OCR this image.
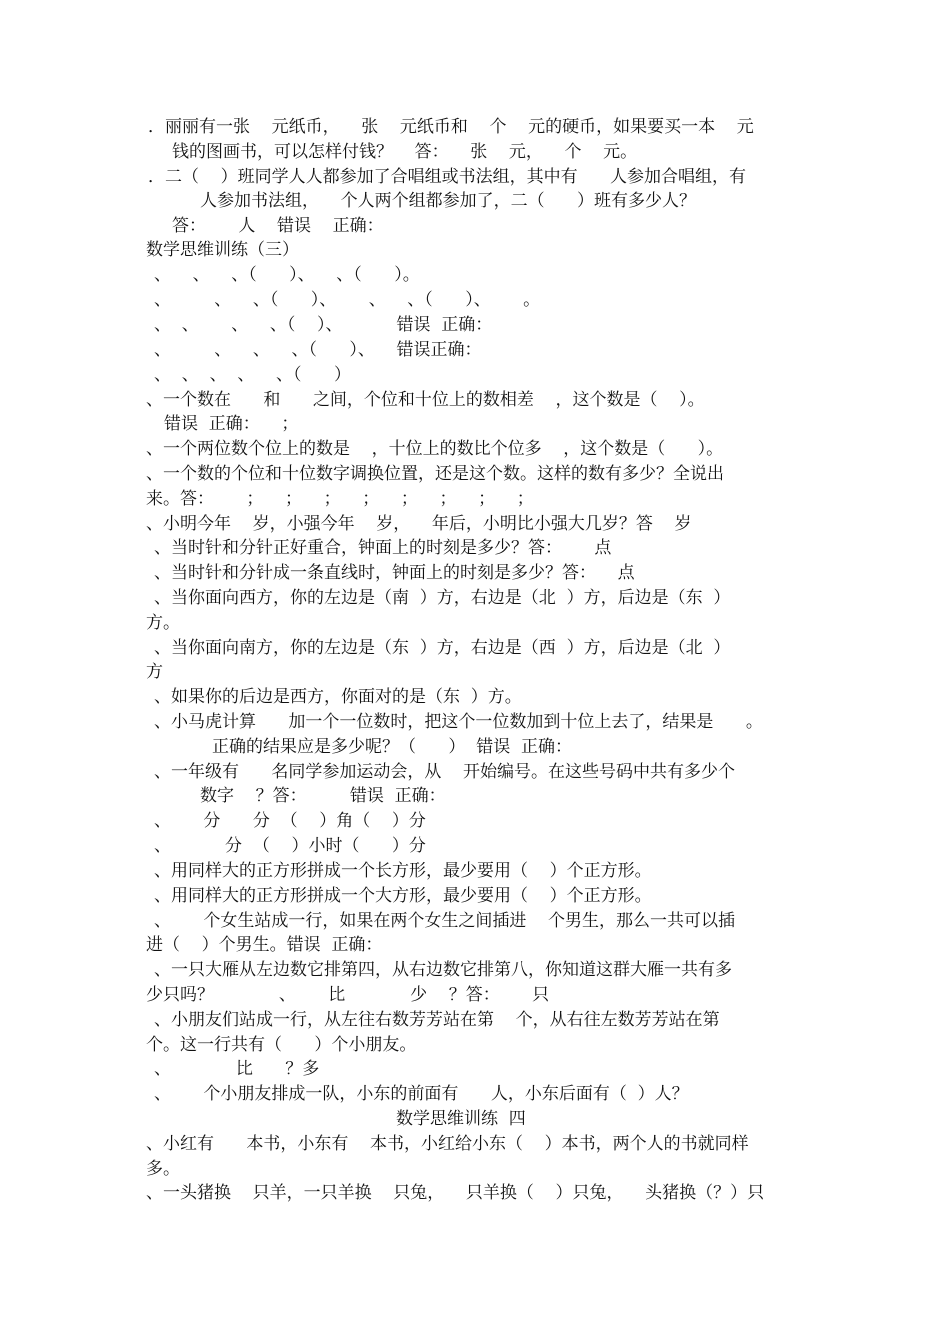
．丽丽有一张    元纸币，    张    元纸币和    个    元的硬币，如果要买一本    元
钱的图画书，可以怎样付钱？    答：    张    元，    个    元。
．二（    ）班同学人人都参加了合唱组或书法组，其中有      人参加合唱组，有
人参加书法组，    个人两个组都参加了，二（      ）班有多少人？
答：      人    错误    正确：
数学思维训练（三）
、    、    、（      ）、    、（      ）。
、        、    、（      ）、      、    、（      ）、      。
、  、      、    、（    ）、          错误  正确：
、        、    、    、（      ）、    错误正确：
、  、  、  、    、（      ）
、一个数在      和      之间，个位和十位上的数相差    ，这个数是（    ）。
错误  正确：    ；
、一个两位数个位上的数是    ，十位上的数比个位多    ，这个数是（      ）。
、一个数的个位和十位数字调换位置，还是这个数。这样的数有多少？全说出
来。答：      ；    ；    ；    ；    ；    ；    ；    ；
、小明今年    岁，小强今年    岁，    年后，小明比小强大几岁？答    岁
、当时针和分针正好重合，钟面上的时刻是多少？答：      点
、当时针和分针成一条直线时，钟面上的时刻是多少？答：    点
、当你面向西方，你的左边是（南  ）方，右边是（北  ）方，后边是（东  ）
方。
、当你面向南方，你的左边是（东  ）方，右边是（西  ）方，后边是（北  ）
方
、如果你的后边是西方，你面对的是（东  ）方。
、小马虎计算      加一个一位数时，把这个一位数加到十位上去了，结果是      。
正确的结果应是多少呢？（      ）  错误  正确：
、一年级有      名同学参加运动会，从    开始编号。在这些号码中共有多少个
数字    ？答：        错误  正确：
、      分      分  （    ）角（    ）分
、          分  （    ）小时（      ）分
、用同样大的正方形拼成一个长方形，最少要用（    ）个正方形。
、用同样大的正方形拼成一个大方形，最少要用（    ）个正方形。
、      个女生站成一行，如果在两个女生之间插进    个男生，那么一共可以插
进（    ）个男生。错误  正确：
、一只大雁从左边数它排第四，从右边数它排第八，你知道这群大雁一共有多
少只吗？            、      比            少    ？答：      只
、小朋友们站成一行，从左往右数芳芳站在第    个，从右往左数芳芳站在第
个。这一行共有（      ）个小朋友。
、            比      ？多
、      个小朋友排成一队，小东的前面有      人，小东后面有（  ）人？
数学思维训练  四
、小红有      本书，小东有    本书，小红给小东（    ）本书，两个人的书就同样
多。
、一头猪换    只羊，一只羊换    只兔，    只羊换（    ）只兔，    头猪换（？）只
